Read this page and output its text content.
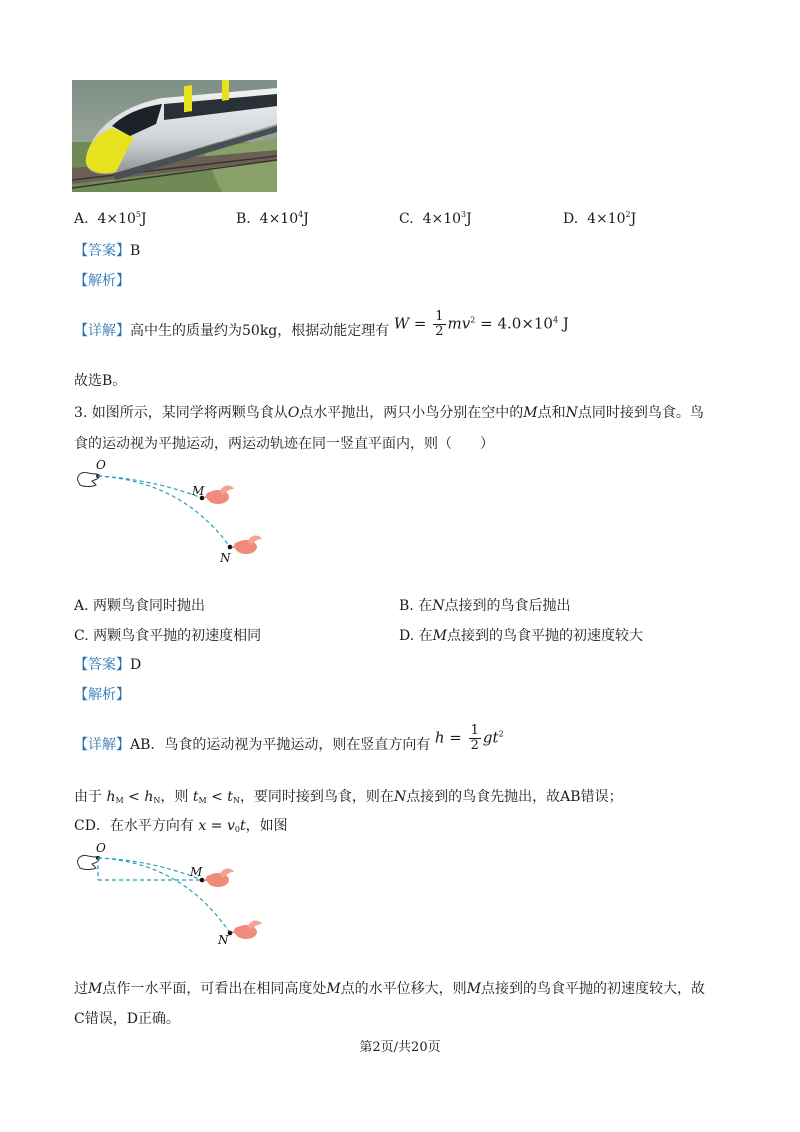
A. $4\times 10^5J$	B. $4\times 10^4J$	C. $4\times 10^3J$	D. $4\times 10^2J$
【答案】B
【解析】
【详解】高中生的质量约为50kg，根据动能定理有 $W = \frac{1}{2} mv^2 = 4.0\times 10^4$ J
故选B。
3. 如图所示，某同学将两颗鸟食从O点水平抛出，两只小鸟分别在空中的M点和N点同时接到鸟食。鸟
食的运动视为平抛运动，两运动轨迹在同一竖直平面内，则（　　）
O
M
N
A. 两颗鸟食同时抛出	B. 在N点接到的鸟食后抛出
C. 两颗鸟食平抛的初速度相同	D. 在M点接到的鸟食平抛的初速度较大
【答案】D
【解析】
【详解】AB．鸟食的运动视为平抛运动，则在竖直方向有 $h = \frac{1}{2} gt^2$
由于 $h_M < h_N$，则 $t_M < t_N$，要同时接到鸟食，则在N点接到的鸟食先抛出，故AB错误；
CD．在水平方向有 $x = v_0t$，如图
O
M
N
过M点作一水平面，可看出在相同高度处M点的水平位移大，则M点接到的鸟食平抛的初速度较大，故
C错误，D正确。
第2页/共20页
